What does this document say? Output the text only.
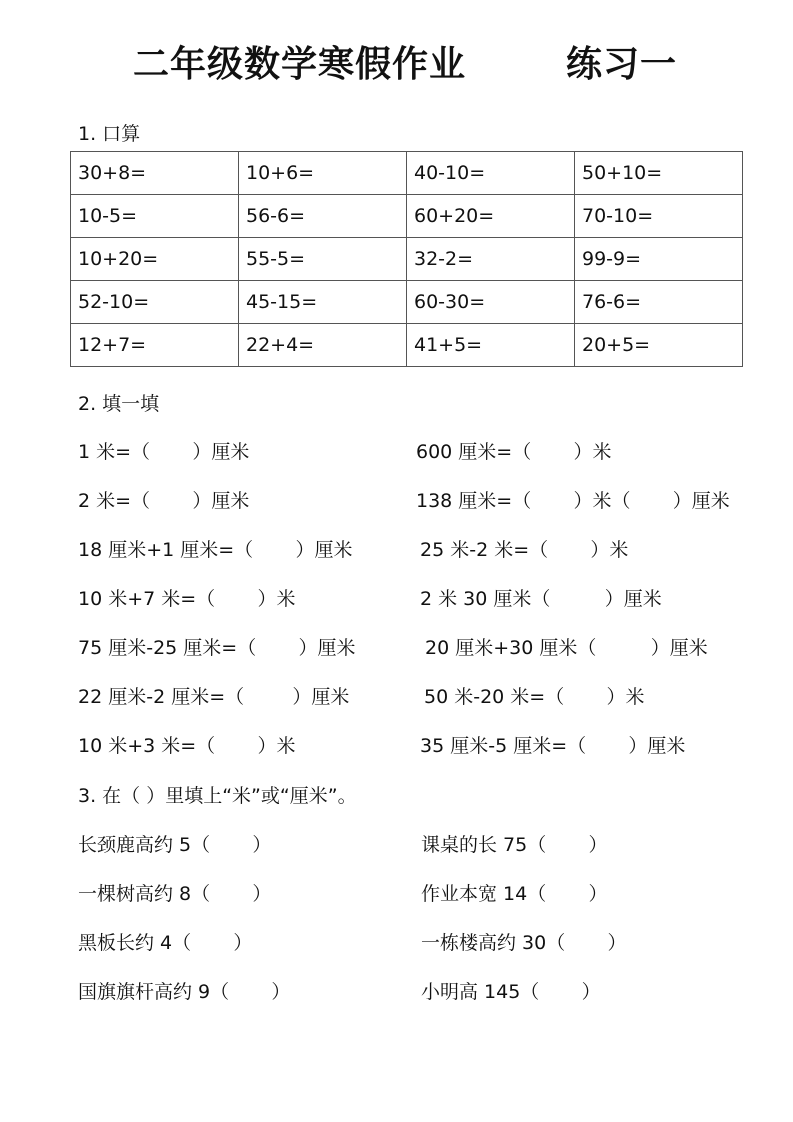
二年级数学寒假作业	练习一
1. 口算
30+8=	10+6=	40-10=	50+10=
10-5=	56-6=	60+20=	70-10=
10+20=	55-5=	32-2=	99-9=
52-10=	45-15=	60-30=	76-6=
12+7=	22+4=	41+5=	20+5=
2. 填一填
1 米=（       ）厘米	600 厘米=（       ）米
2 米=（       ）厘米	138 厘米=（       ）米（       ）厘米
18 厘米+1 厘米=（       ）厘米	25 米-2 米=（       ）米
10 米+7 米=（       ）米	2 米 30 厘米（         ）厘米
75 厘米-25 厘米=（       ）厘米	20 厘米+30 厘米（         ）厘米
22 厘米-2 厘米=（        ）厘米	50 米-20 米=（       ）米
10 米+3 米=（       ）米	35 厘米-5 厘米=（       ）厘米
3. 在（ ）里填上“米”或“厘米”。
长颈鹿高约 5（       ）	课桌的长 75（       ）
一棵树高约 8（       ）	作业本宽 14（       ）
黑板长约 4（       ）	一栋楼高约 30（       ）
国旗旗杆高约 9（       ）	小明高 145（       ）
